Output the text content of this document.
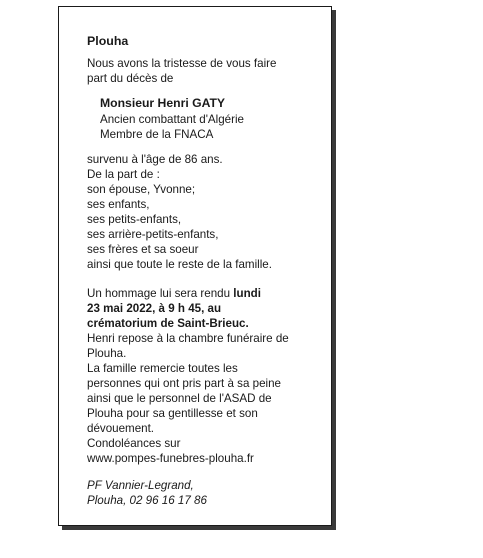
Plouha
Nous avons la tristesse de vous faire
part du décès de
Monsieur Henri GATY
Ancien combattant d'Algérie
Membre de la FNACA
survenu à l'âge de 86 ans.
De la part de :
son épouse, Yvonne;
ses enfants,
ses petits-enfants,
ses arrière-petits-enfants,
ses frères et sa soeur
ainsi que toute le reste de la famille.
Un hommage lui sera rendu lundi
23 mai 2022, à 9 h 45, au
crématorium de Saint-Brieuc.
Henri repose à la chambre funéraire de
Plouha.
La famille remercie toutes les
personnes qui ont pris part à sa peine
ainsi que le personnel de l'ASAD de
Plouha pour sa gentillesse et son
dévouement.
Condoléances sur
www.pompes-funebres-plouha.fr
PF Vannier-Legrand,
Plouha, 02 96 16 17 86
